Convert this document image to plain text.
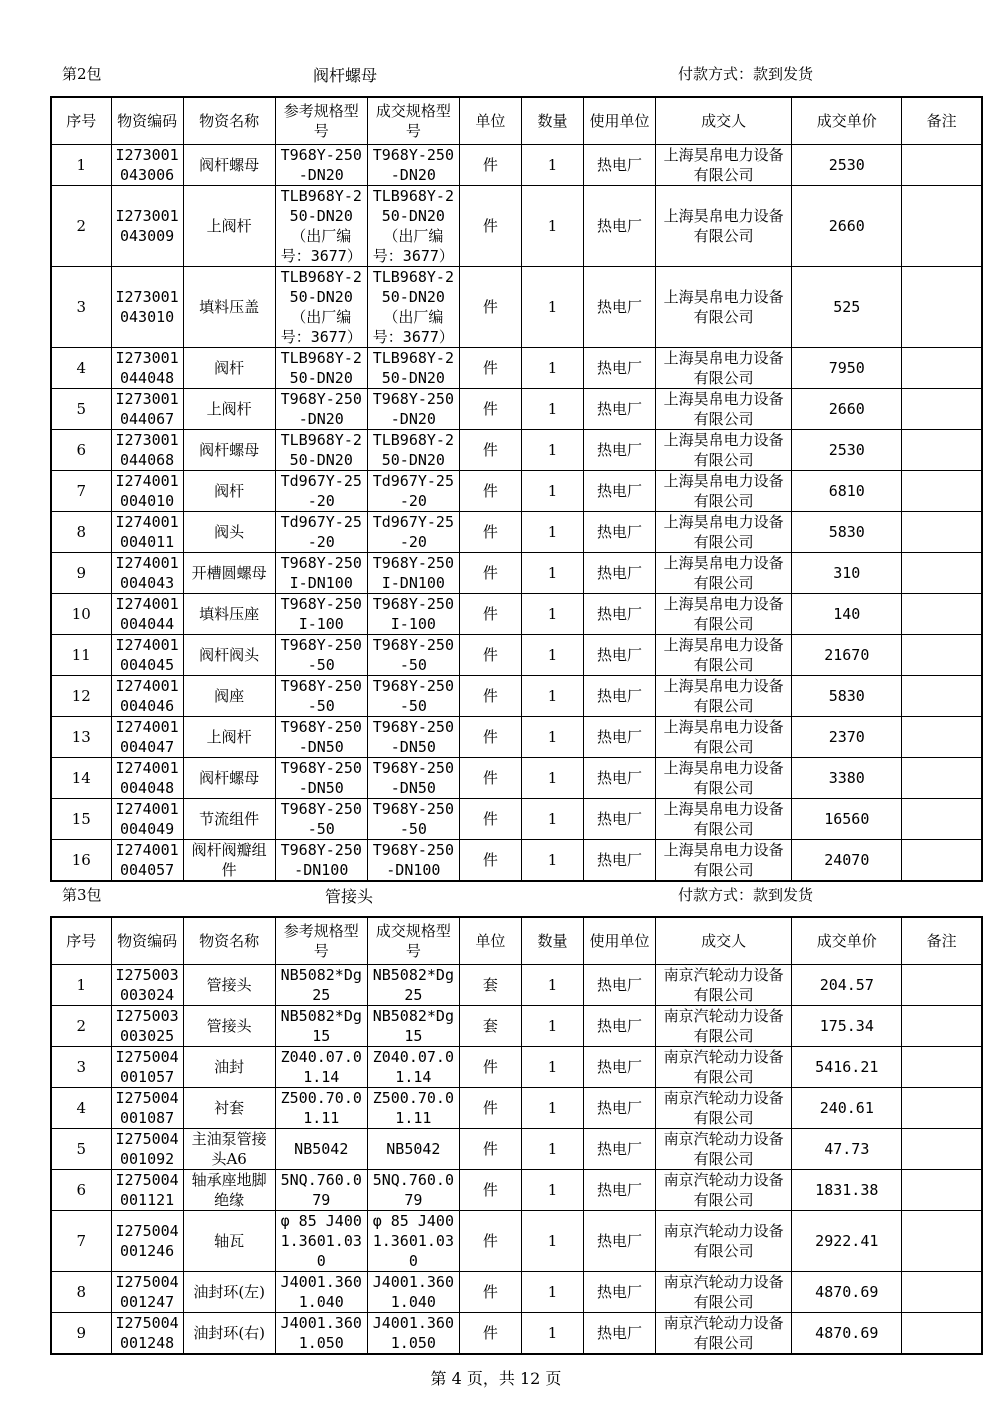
第2包	阀杆螺母	付款方式：款到发货
序号	物资编码	物资名称	参考规格型号	成交规格型号	单位	数量	使用单位	成交人	成交单价	备注
1	I273001043006	阀杆螺母	T968Y-250-DN20	T968Y-250-DN20	件	1	热电厂	上海昊帛电力设备有限公司	2530	
2	I273001043009	上阀杆	TLB968Y-250-DN20（出厂编号：3677）	TLB968Y-250-DN20（出厂编号：3677）	件	1	热电厂	上海昊帛电力设备有限公司	2660	
3	I273001043010	填料压盖	TLB968Y-250-DN20（出厂编号：3677）	TLB968Y-250-DN20（出厂编号：3677）	件	1	热电厂	上海昊帛电力设备有限公司	525	
4	I273001044048	阀杆	TLB968Y-250-DN20	TLB968Y-250-DN20	件	1	热电厂	上海昊帛电力设备有限公司	7950	
5	I273001044067	上阀杆	T968Y-250-DN20	T968Y-250-DN20	件	1	热电厂	上海昊帛电力设备有限公司	2660	
6	I273001044068	阀杆螺母	TLB968Y-250-DN20	TLB968Y-250-DN20	件	1	热电厂	上海昊帛电力设备有限公司	2530	
7	I274001004010	阀杆	Td967Y-25-20	Td967Y-25-20	件	1	热电厂	上海昊帛电力设备有限公司	6810	
8	I274001004011	阀头	Td967Y-25-20	Td967Y-25-20	件	1	热电厂	上海昊帛电力设备有限公司	5830	
9	I274001004043	开槽圆螺母	T968Y-250I-DN100	T968Y-250I-DN100	件	1	热电厂	上海昊帛电力设备有限公司	310	
10	I274001004044	填料压座	T968Y-250I-100	T968Y-250I-100	件	1	热电厂	上海昊帛电力设备有限公司	140	
11	I274001004045	阀杆阀头	T968Y-250-50	T968Y-250-50	件	1	热电厂	上海昊帛电力设备有限公司	21670	
12	I274001004046	阀座	T968Y-250-50	T968Y-250-50	件	1	热电厂	上海昊帛电力设备有限公司	5830	
13	I274001004047	上阀杆	T968Y-250-DN50	T968Y-250-DN50	件	1	热电厂	上海昊帛电力设备有限公司	2370	
14	I274001004048	阀杆螺母	T968Y-250-DN50	T968Y-250-DN50	件	1	热电厂	上海昊帛电力设备有限公司	3380	
15	I274001004049	节流组件	T968Y-250-50	T968Y-250-50	件	1	热电厂	上海昊帛电力设备有限公司	16560	
16	I274001004057	阀杆阀瓣组件	T968Y-250-DN100	T968Y-250-DN100	件	1	热电厂	上海昊帛电力设备有限公司	24070	
第3包	管接头	付款方式：款到发货
序号	物资编码	物资名称	参考规格型号	成交规格型号	单位	数量	使用单位	成交人	成交单价	备注
1	I275003003024	管接头	NB5082*Dg25	NB5082*Dg25	套	1	热电厂	南京汽轮动力设备有限公司	204.57	
2	I275003003025	管接头	NB5082*Dg15	NB5082*Dg15	套	1	热电厂	南京汽轮动力设备有限公司	175.34	
3	I275004001057	油封	Z040.07.01.14	Z040.07.01.14	件	1	热电厂	南京汽轮动力设备有限公司	5416.21	
4	I275004001087	衬套	Z500.70.01.11	Z500.70.01.11	件	1	热电厂	南京汽轮动力设备有限公司	240.61	
5	I275004001092	主油泵管接头A6	NB5042	NB5042	件	1	热电厂	南京汽轮动力设备有限公司	47.73	
6	I275004001121	轴承座地脚绝缘	5NQ.760.079	5NQ.760.079	件	1	热电厂	南京汽轮动力设备有限公司	1831.38	
7	I275004001246	轴瓦	φ 85 J4001.3601.030	φ 85 J4001.3601.030	件	1	热电厂	南京汽轮动力设备有限公司	2922.41	
8	I275004001247	油封环(左)	J4001.3601.040	J4001.3601.040	件	1	热电厂	南京汽轮动力设备有限公司	4870.69	
9	I275004001248	油封环(右)	J4001.3601.050	J4001.3601.050	件	1	热电厂	南京汽轮动力设备有限公司	4870.69	
第 4 页，共 12 页
